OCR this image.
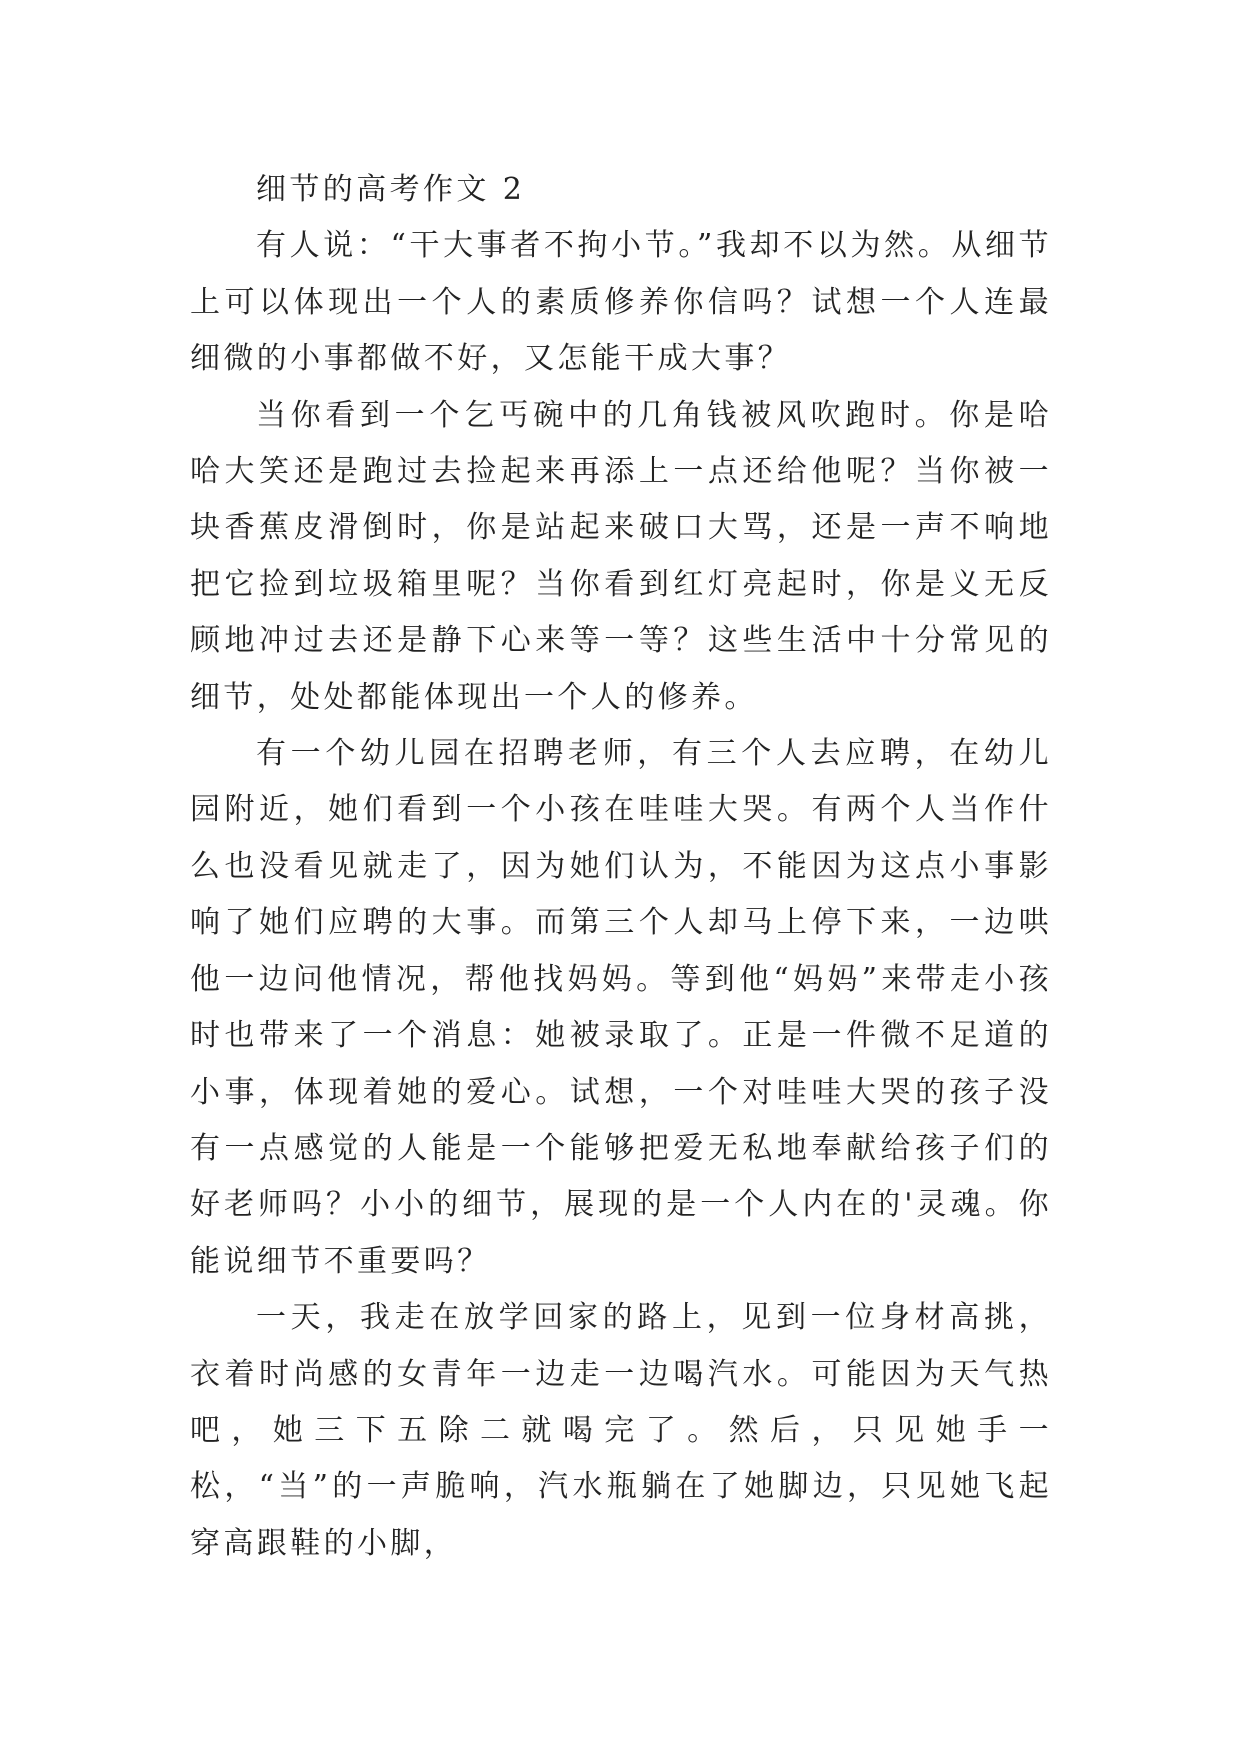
细节的高考作文 2

有人说：“干大事者不拘小节。”我却不以为然。从细节上可以体现出一个人的素质修养你信吗？试想一个人连最细微的小事都做不好，又怎能干成大事？

当你看到一个乞丐碗中的几角钱被风吹跑时。你是哈哈大笑还是跑过去捡起来再添上一点还给他呢？当你被一块香蕉皮滑倒时，你是站起来破口大骂，还是一声不响地把它捡到垃圾箱里呢？当你看到红灯亮起时，你是义无反顾地冲过去还是静下心来等一等？这些生活中十分常见的细节，处处都能体现出一个人的修养。

有一个幼儿园在招聘老师，有三个人去应聘，在幼儿园附近，她们看到一个小孩在哇哇大哭。有两个人当作什么也没看见就走了，因为她们认为，不能因为这点小事影响了她们应聘的大事。而第三个人却马上停下来，一边哄他一边问他情况，帮他找妈妈。等到他“妈妈”来带走小孩时也带来了一个消息：她被录取了。正是一件微不足道的小事，体现着她的爱心。试想，一个对哇哇大哭的孩子没有一点感觉的人能是一个能够把爱无私地奉献给孩子们的好老师吗？小小的细节，展现的是一个人内在的'灵魂。你能说细节不重要吗？

一天，我走在放学回家的路上，见到一位身材高挑，衣着时尚感的女青年一边走一边喝汽水。可能因为天气热吧，她三下五除二就喝完了。然后，只见她手一松，“当”的一声脆响，汽水瓶躺在了她脚边，只见她飞起穿高跟鞋的小脚，
